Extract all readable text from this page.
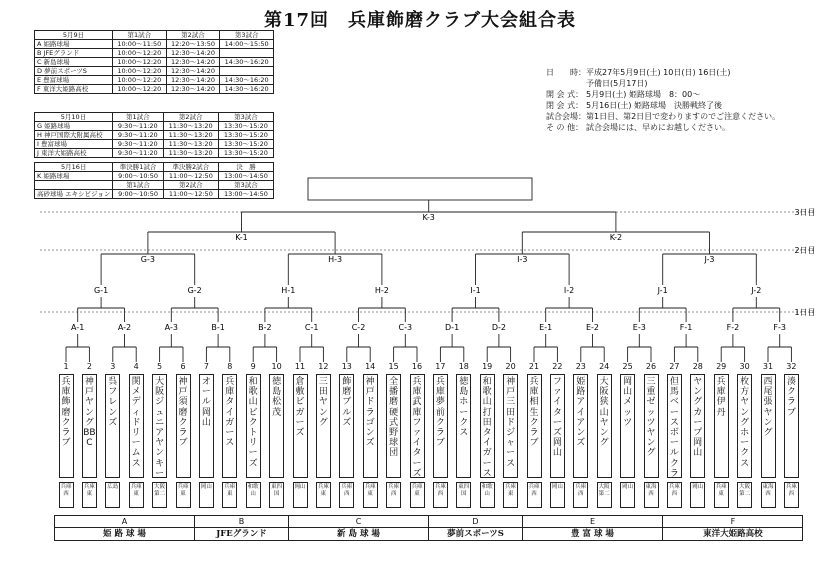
第17回　兵庫飾磨クラブ大会組合表
5月9日	第1試合	第2試合	第3試合
A 姫路球場	10:00～11:50	12:20～13:50	14:00～15:50
B JFEグランド	10:00～12:20	12:30～14:20	
C 新島球場	10:00～12:20	12:30～14:20	14:30～16:20
D 夢前スポーツS	10:00～12:20	12:30～14:20	
E 豊富球場	10:00～12:20	12:30～14:20	14:30～16:20
F 東洋大姫路高校	10:00～12:20	12:30～14:20	14:30～16:20
5月10日	第1試合	第2試合	第3試合
G 姫路球場	9:30～11:20	11:30～13:20	13:30～15:20
H 神戸国際大附属高校	9:30～11:20	11:30～13:20	13:30～15:20
I 豊富球場	9:30～11:20	11:30～13:20	13:30～15:20
J 東洋大姫路高校	9:30～11:20	11:30～13:20	13:30～15:20
5月16日	準決勝1試合	準決勝2試合	決　勝
K 姫路球場	9:00～10:50	11:00～12:50	13:00～14:50
	第1試合	第2試合	第3試合
高砂球場 エキシビジョン	9:00～10:50	11:00～12:50	13:00～14:50
日　　時： 平成27年5月9日(土) 10日(日) 16日(土)
予備日(5月17日)
開 会 式： 5月9日(土) 姫路球場　8：00～
閉 会 式： 5月16日(土) 姫路球場　決勝戦終了後
試合会場： 第1日目、第2日目で変わりますのでご注意ください。
そ の 他： 試合会場には、早めにお越しください。
A-1	A-2	A-3	B-1	B-2	C-1	C-2	C-3	D-1	D-2	E-1	E-2	E-3	F-1	F-2	F-3
G-1	G-2	H-1	H-2	I-1	I-2	J-1	J-2
G-3	H-3	I-3	J-3
K-1	K-2
K-3
3日目
2日目
1日目
1
兵庫飾磨クラブ
兵庫西
2
神戸ヤングBBC
兵庫東
3
呉フレンズ
広島
4
関メディドリームス
兵庫東
5
大阪ジュニアヤンキー
大阪第二
6
神戸須磨クラブ
兵庫東
7
オール岡山
岡山
8
兵庫タイガース
兵庫東
9
和歌山ビクトリーズ
和歌山
10
徳島松茂
東四国
11
倉敷ビガーズ
岡山
12
三田ヤング
兵庫東
13
飾磨ブルズ
兵庫西
14
神戸ドラゴンズ
兵庫東
15
全播磨硬式野球団
兵庫西
16
兵庫武庫ファイターズ
兵庫東
17
兵庫夢前クラブ
兵庫西
18
徳島ホークス
東四国
19
和歌山打田タイガース
和歌山
20
神戸三田ドジャース
兵庫東
21
兵庫相生クラブ
兵庫西
22
ファイターズ岡山
岡山
23
姫路アイアンズ
兵庫西
24
大阪狭山ヤング
大阪第二
25
岡山メッツ
岡山
26
三重ゼッツヤング
東海西
27
但馬ベースボールクラ
兵庫西
28
ヤングカープ岡山
岡山
29
兵庫伊丹
兵庫東
30
枚方ヤングホークス
大阪第二
31
西尾張ヤング
東海西
32
湊クラブ
兵庫西
A
姫 路 球 場
B
JFEグランド
C
新 島 球 場
D
夢前スポーツS
E
豊 富 球 場
F
東洋大姫路高校
